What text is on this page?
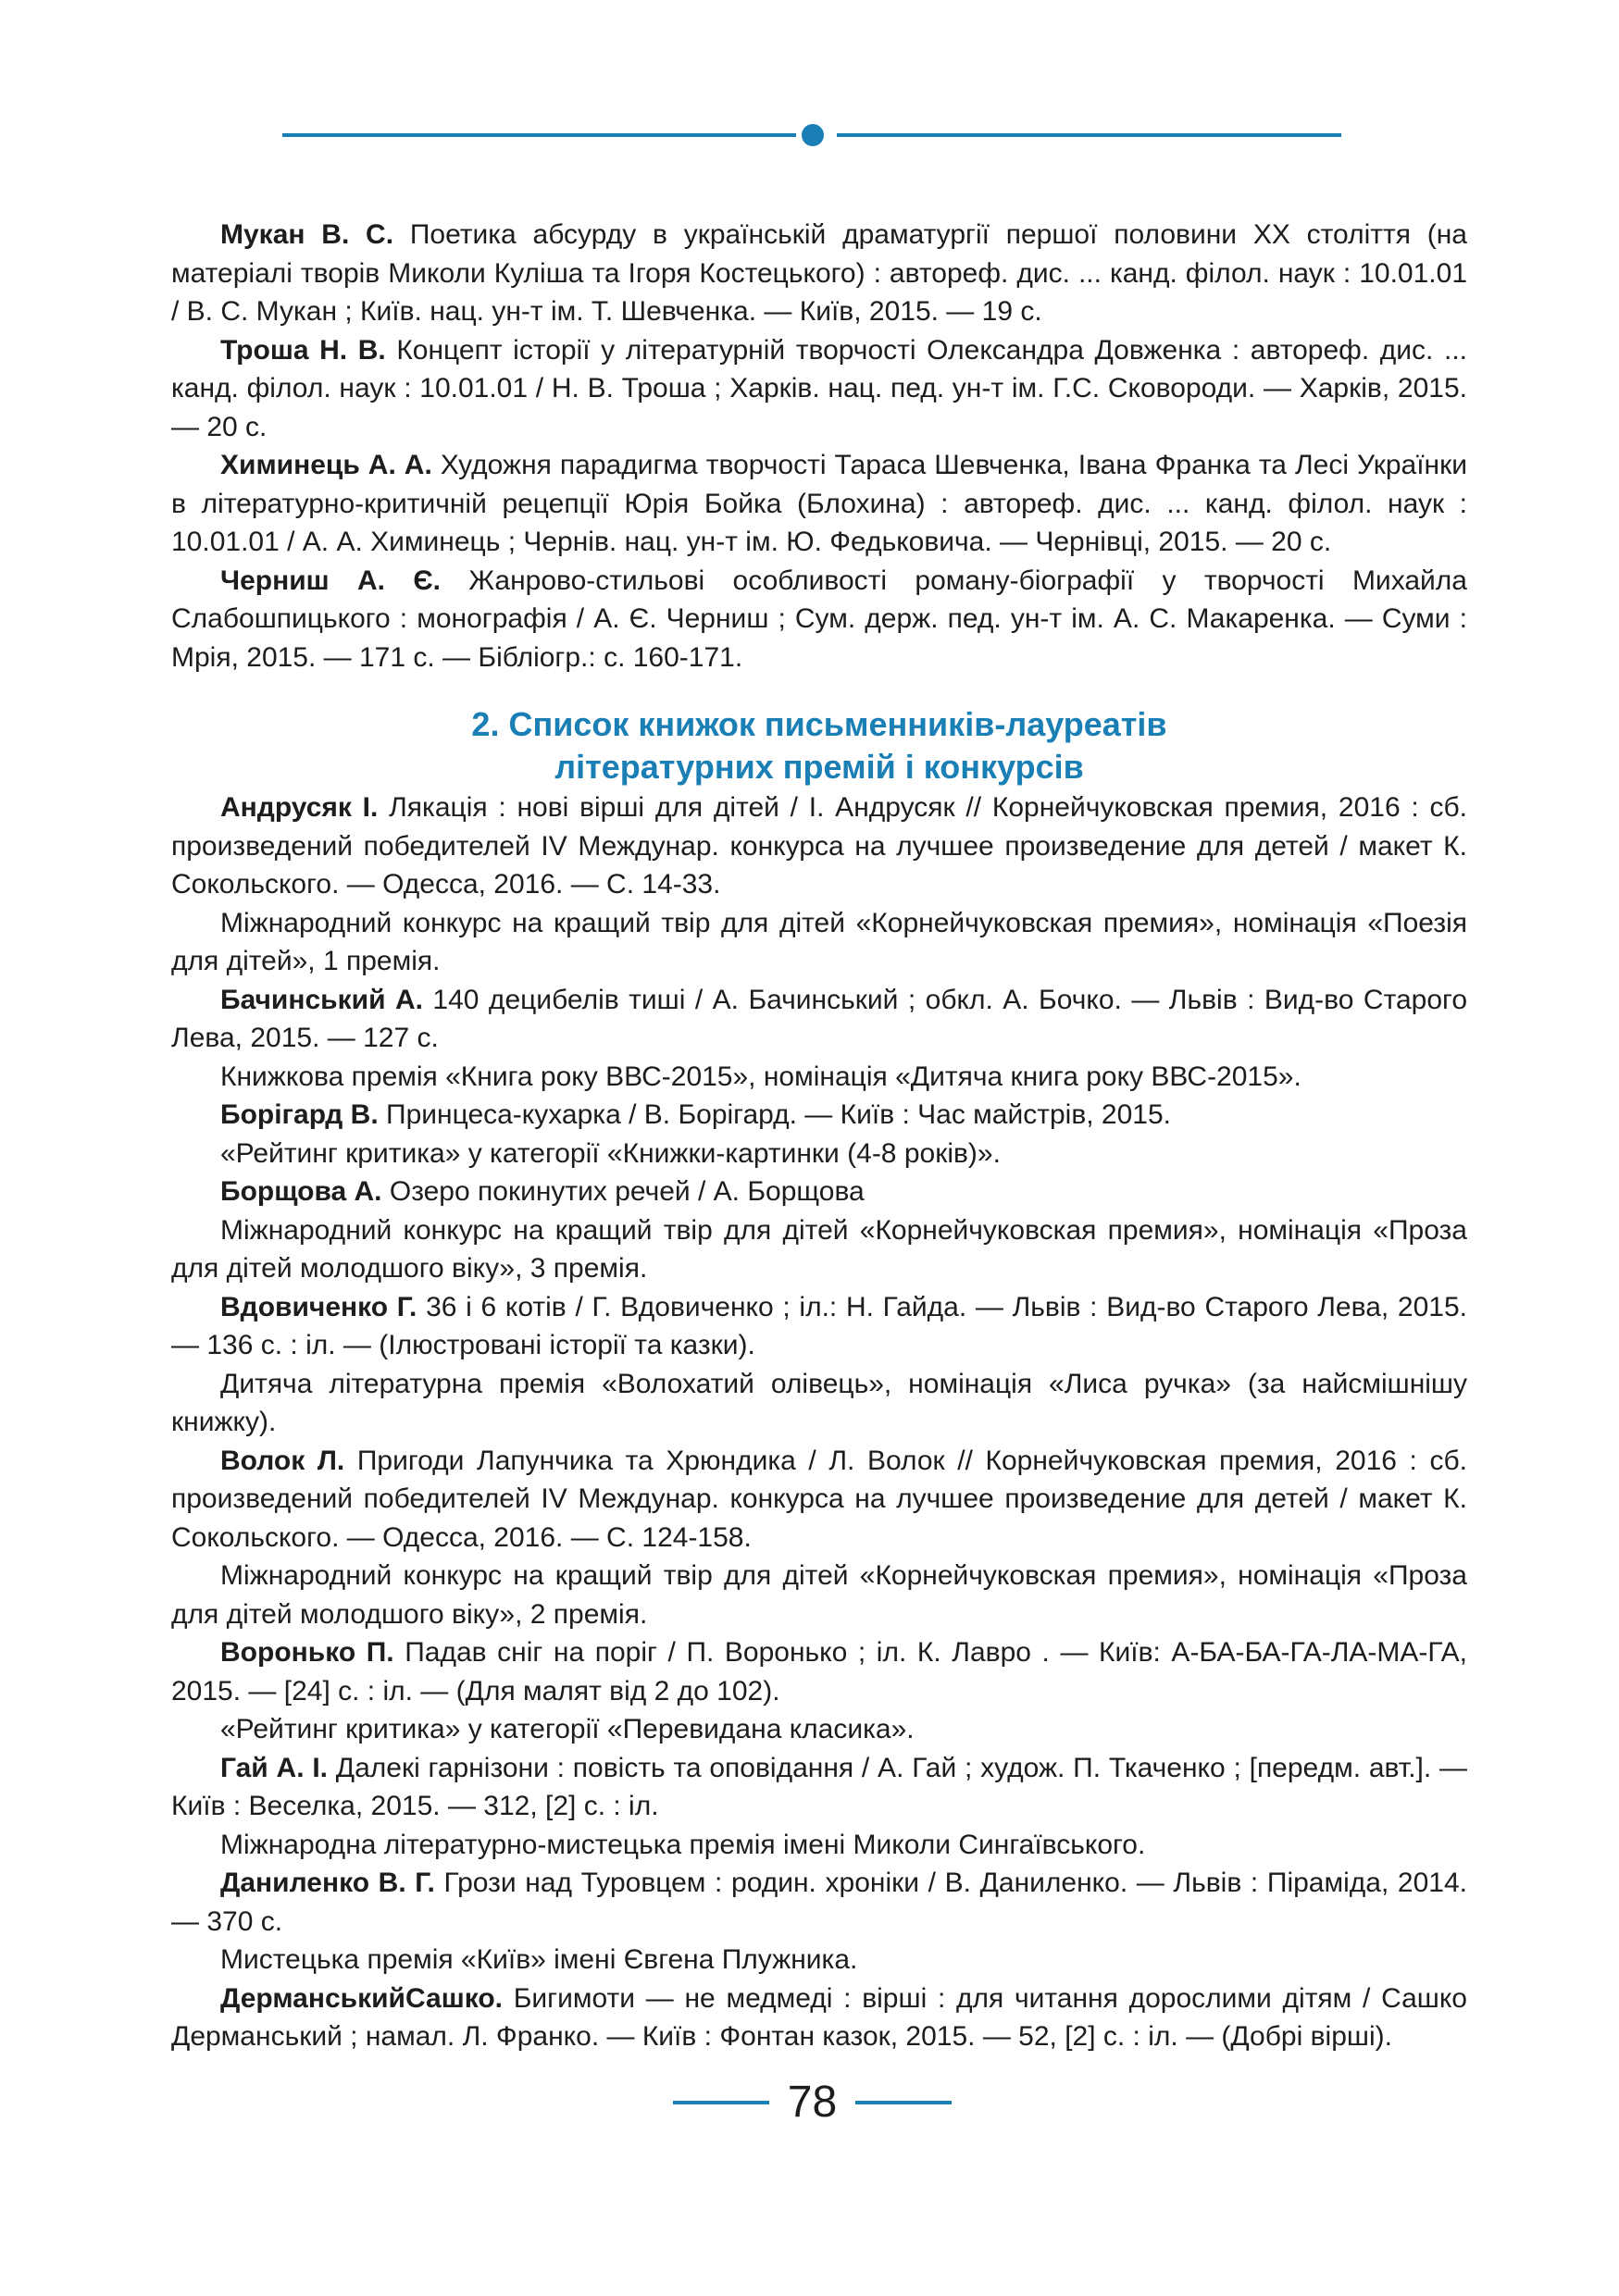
Мукан В. С. Поетика абсурду в українській драматургії першої половини XX століття (на матеріалі творів Миколи Куліша та Ігоря Костецького) : автореф. дис. ... канд. філол. наук : 10.01.01 / В. С. Мукан ; Київ. нац. ун-т ім. Т. Шевченка. — Київ, 2015. — 19 с.

Троша Н. В. Концепт історії у літературній творчості Олександра Довженка : автореф. дис. ... канд. філол. наук : 10.01.01 / Н. В. Троша ; Харків. нац. пед. ун-т ім. Г.С. Сковороди. — Харків, 2015. — 20 с.

Химинець А. А. Художня парадигма творчості Тараса Шевченка, Івана Франка та Лесі Українки в літературно-критичній рецепції Юрія Бойка (Блохина) : автореф. дис. ... канд. філол. наук : 10.01.01 / А. А. Химинець ; Чернів. нац. ун-т ім. Ю. Федьковича. — Чернівці, 2015. — 20 с.

Черниш А. Є. Жанрово-стильові особливості роману-біографії у творчості Михайла Слабошпицького : монографія / А. Є. Черниш ; Сум. держ. пед. ун-т ім. А. С. Макаренка. — Суми : Мрія, 2015. — 171 с. — Бібліогр.: с. 160-171.

2. Список книжок письменників-лауреатів
літературних премій і конкурсів

Андрусяк І. Лякація : нові вірші для дітей / І. Андрусяк // Корнейчуковская премия, 2016 : сб. произведений победителей IV Междунар. конкурса на лучшее произведение для детей / макет К. Сокольского. — Одесса, 2016. — С. 14-33.

Міжнародний конкурс на кращий твір для дітей «Корнейчуковская премия», номінація «Поезія для дітей», 1 премія.

Бачинський А. 140 децибелів тиші / А. Бачинський ; обкл. А. Бочко. — Львів : Вид-во Старого Лева, 2015. — 127 с.

Книжкова премія «Книга року ВВС-2015», номінація «Дитяча книга року ВВС-2015».

Борігард В. Принцеса-кухарка / В. Борігард. — Київ : Час майстрів, 2015.

«Рейтинг критика» у категорії «Книжки-картинки (4-8 років)».

Борщова А. Озеро покинутих речей / А. Борщова

Міжнародний конкурс на кращий твір для дітей «Корнейчуковская премия», номінація «Проза для дітей молодшого віку», 3 премія.

Вдовиченко Г. 36 і 6 котів / Г. Вдовиченко ; іл.: Н. Гайда. — Львів : Вид-во Старого Лева, 2015. — 136 с. : іл. — (Ілюстровані історії та казки).

Дитяча літературна премія «Волохатий олівець», номінація «Лиса ручка» (за найсмішнішу книжку).

Волок Л. Пригоди Лапунчика та Хрюндика / Л. Волок // Корнейчуковская премия, 2016 : сб. произведений победителей IV Междунар. конкурса на лучшее произведение для детей / макет К. Сокольского. — Одесса, 2016. — С. 124-158.

Міжнародний конкурс на кращий твір для дітей «Корнейчуковская премия», номінація «Проза для дітей молодшого віку», 2 премія.

Воронько П. Падав сніг на поріг / П. Воронько ; іл. К. Лавро . — Київ: А-БА-БА-ГА-ЛА-МА-ГА, 2015. — [24] с. : іл. — (Для малят від 2 до 102).

«Рейтинг критика» у категорії «Перевидана класика».

Гай А. І. Далекі гарнізони : повість та оповідання / А. Гай ; худож. П. Ткаченко ; [передм. авт.]. — Київ : Веселка, 2015. — 312, [2] с. : іл.

Міжнародна літературно-мистецька премія імені Миколи Сингаївського.

Даниленко В. Г. Грози над Туровцем : родин. хроніки / В. Даниленко. — Львів : Піраміда, 2014. — 370 с.

Мистецька премія «Київ» імені Євгена Плужника.

ДерманськийСашко. Бигимоти — не медмеді : вірші : для читання дорослими дітям / Сашко Дерманський ; намал. Л. Франко. — Київ : Фонтан казок, 2015. — 52, [2] с. : іл. — (Добрі вірші).

78
